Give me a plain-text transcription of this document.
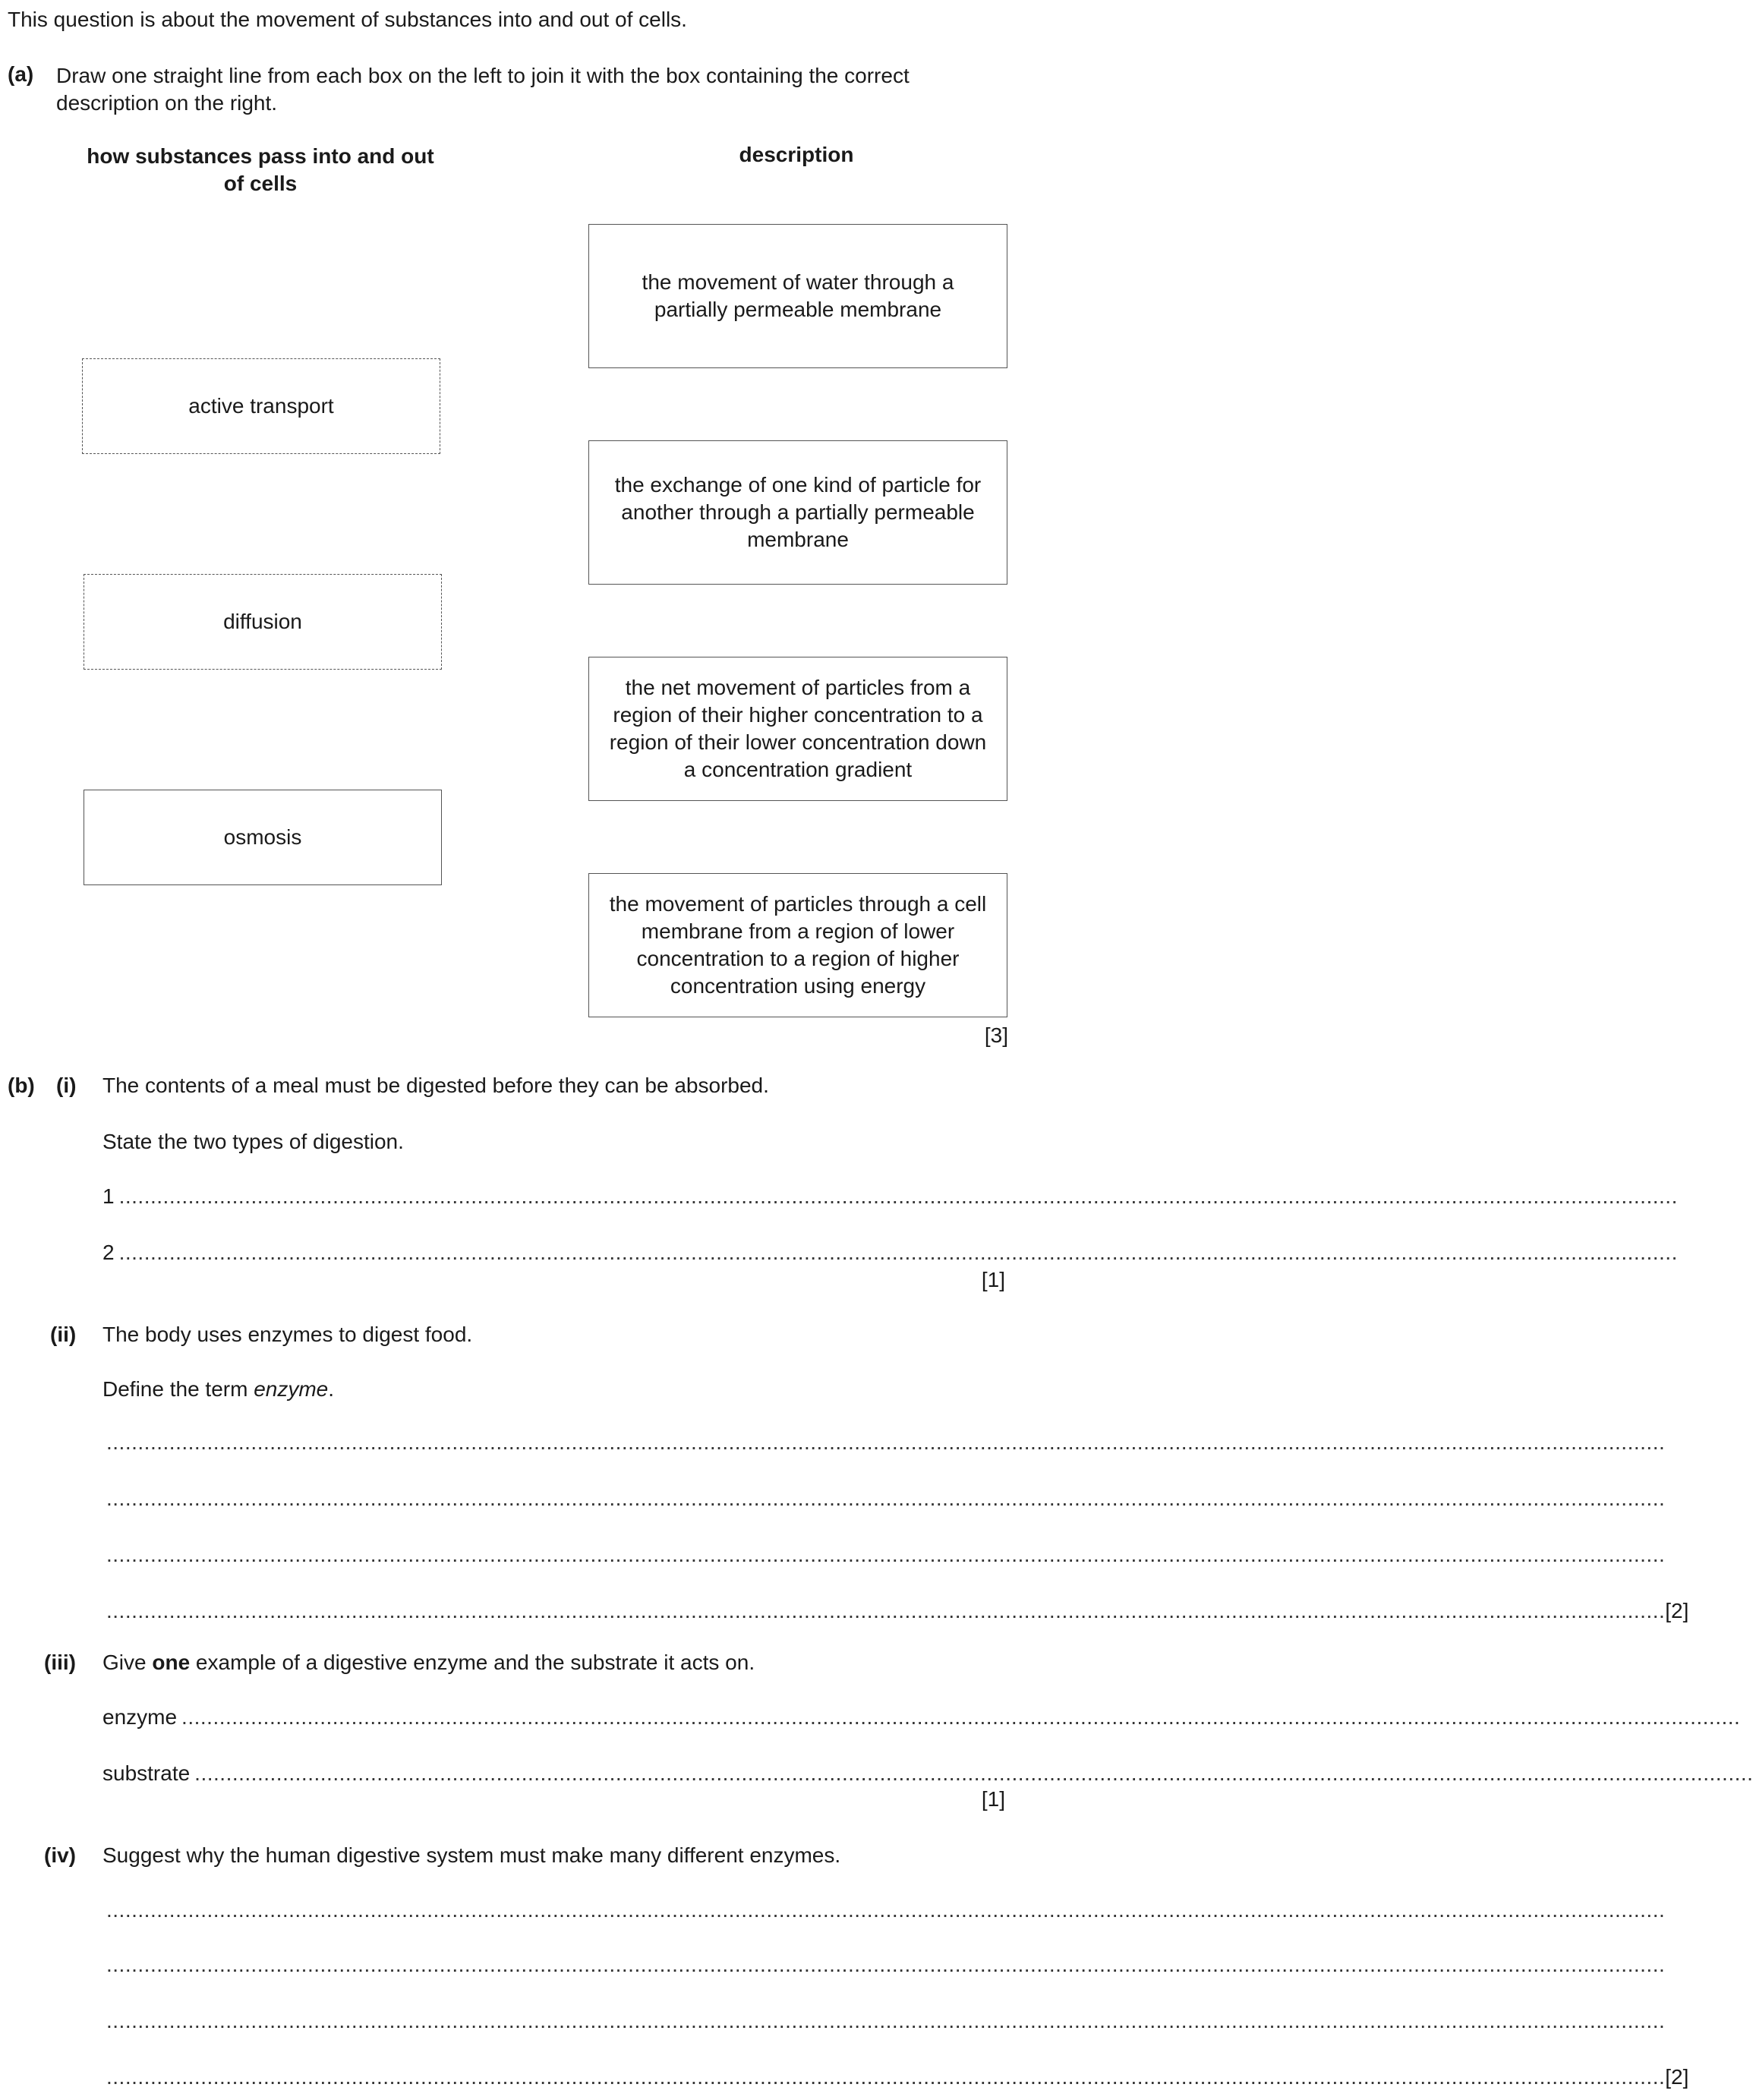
This question is about the movement of substances into and out of cells.
(a) Draw one straight line from each box on the left to join it with the box containing the correct description on the right.
how substances pass into and out of cells
description
active transport
diffusion
osmosis
the movement of water through a partially permeable membrane
the exchange of one kind of particle for another through a partially permeable membrane
the net movement of particles from a region of their higher concentration to a region of their lower concentration down a concentration gradient
the movement of particles through a cell membrane from a region of lower concentration to a region of higher concentration using energy
[3]
(b) (i) The contents of a meal must be digested before they can be absorbed.
State the two types of digestion.
1 ........................................................................................................................................................................................................................................................
2 ........................................................................................................................................................................................................................................................
[1]
(ii) The body uses enzymes to digest food.
Define the term enzyme.
........................................................................................................................................................................................................................................................
........................................................................................................................................................................................................................................................
........................................................................................................................................................................................................................................................
........................................................................................................................................................................................................................................................ [2]
(iii) Give one example of a digestive enzyme and the substrate it acts on.
enzyme ........................................................................................................................................................................................................................................................
substrate ........................................................................................................................................................................................................................................................
[1]
(iv) Suggest why the human digestive system must make many different enzymes.
........................................................................................................................................................................................................................................................
........................................................................................................................................................................................................................................................
........................................................................................................................................................................................................................................................
........................................................................................................................................................................................................................................................ [2]
